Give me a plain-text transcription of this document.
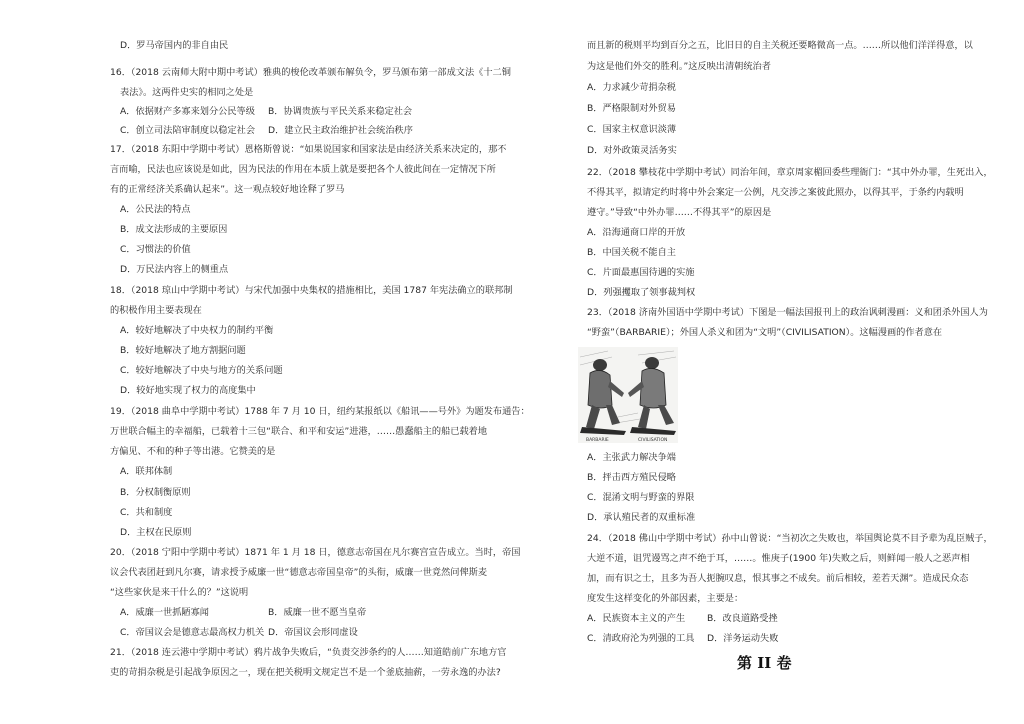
D．罗马帝国内的非自由民
16．（2018 云南师大附中期中考试）雅典的梭伦改革颁布解负令，罗马颁布第一部成文法《十二铜
表法》。这两件史实的相同之处是
A．依据财产多寡来划分公民等级 B．协调贵族与平民关系来稳定社会
C．创立司法陪审制度以稳定社会 D．建立民主政治维护社会统治秩序
17．（2018 东阳中学期中考试）恩格斯曾说：“如果说国家和国家法是由经济关系来决定的，那不
言而喻，民法也应该说是如此，因为民法的作用在本质上就是要把各个人彼此间在一定情况下所
有的正常经济关系确认起来”。这一观点较好地诠释了罗马
A．公民法的特点
B．成文法形成的主要原因
C．习惯法的价值
D．万民法内容上的侧重点
18．（2018 琼山中学期中考试）与宋代加强中央集权的措施相比，美国 1787 年宪法确立的联邦制
的积极作用主要表现在
A．较好地解决了中央权力的制约平衡
B．较好地解决了地方割据问题
C．较好地解决了中央与地方的关系问题
D．较好地实现了权力的高度集中
19．（2018 曲阜中学期中考试）1788 年 7 月 10 日，纽约某报纸以《船讯——号外》为题发布通告：
万世联合幅主的幸福船，已载着十三包“联合、和平和安运”进港，……愚蠢船主的船已载着地
方偏见、不和的种子等出港。它赞美的是
A．联邦体制
B．分权制衡原则
C．共和制度
D．主权在民原则
20．（2018 宁阳中学期中考试）1871 年 1 月 18 日，德意志帝国在凡尔赛宫宣告成立。当时，帝国
议会代表团赶到凡尔赛，请求授予威廉一世“德意志帝国皇帝”的头衔，威廉一世竟然问俾斯麦
“这些家伙是来干什么的？”这说明
A．威廉一世抓陋寡闻	B．威廉一世不愿当皇帝
C．帝国议会是德意志最高权力机关 D．帝国议会形同虚设
21．（2018 连云港中学期中考试）鸦片战争失败后，“负责交涉条约的人……知道皓前广东地方官
吏的苛捐杂税是引起战争原因之一，现在把关税明文规定岂不是一个釜底抽薪，一劳永逸的办法?
而且新的税则平均到百分之五，比旧日的自主关税还要略微高一点。……所以他们洋洋得意，以
为这是他们外交的胜利。”这反映出清朝统治者
A．力求减少苛捐杂税
B．严格限制对外贸易
C．国家主权意识淡薄
D．对外政策灵活务实
22．（2018 攀枝花中学期中考试）同治年间，章京周家楣回委些理衙门：“其中外办罪，生死出入，
不得其平，拟请定约时将中外会案定一公例，凡交涉之案彼此照办，以得其平，于条约内载明
遵守。”导致“中外办罪……不得其平”的原因是
A．沿海通商口岸的开放
B．中国关税不能自主
C．片面最惠国待遇的实施
D．列强攫取了领事裁判权
23．（2018 济南外国语中学期中考试）下图是一幅法国报刊上的政治讽刺漫画：义和团杀外国人为
“野蛮”（BARBARIE）；外国人杀义和团为“文明”（CIVILISATION）。这幅漫画的作者意在
A．主张武力解决争端
B．抨击西方殖民侵略
C．混淆文明与野蛮的界限
D．承认殖民者的双重标准
24．（2018 佛山中学期中考试）孙中山曾说：“当初次之失败也，举国舆论莫不目予辈为乱臣贼子，
大逆不道，诅咒谩骂之声不绝于耳，……。惟庚子(1900 年)失败之后，则鲜闻一般人之恶声相
加，而有识之士，且多为吾人扼腕叹息，恨其事之不成矣。前后相较，差若天渊”。造成民众态
度发生这样变化的外部因素，主要是：
A．民族资本主义的产生 B．改良道路受挫
C．清政府沦为列强的工具 D．洋务运动失败
BARBARIE	CIVILISATION
第 II 卷
